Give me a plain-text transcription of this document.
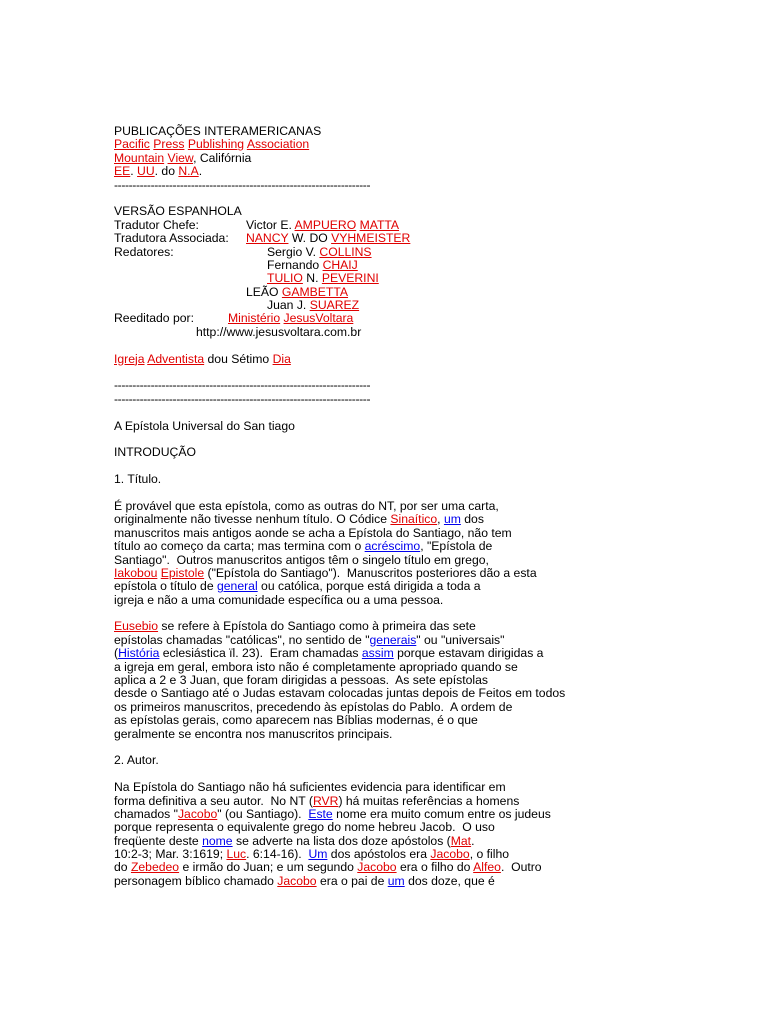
PUBLICAÇÕES INTERAMERICANAS
Pacific Press Publishing Association
Mountain View, Califórnia
EE. UU. do N.A.
----------------------------------------------------------------------
VERSÃO ESPANHOLA
Tradutor Chefe:	Victor E. AMPUERO MATTA
Tradutora Associada: NANCY W. DO VYHMEISTER
Redatores:	Sergio V. COLLINS
Fernando CHAIJ
TULIO N. PEVERINI
LEÃO GAMBETTA
Juan J. SUAREZ
Reeditado por:	Ministério JesusVoltara
http://www.jesusvoltara.com.br
Igreja Adventista dou Sétimo Dia
----------------------------------------------------------------------
----------------------------------------------------------------------
A Epístola Universal do San tiago
INTRODUÇÃO
1. Título.
É provável que esta epístola, como as outras do NT, por ser uma carta,
originalmente não tivesse nenhum título. O Códice Sinaítico, um dos
manuscritos mais antigos aonde se acha a Epístola do Santiago, não tem
título ao começo da carta; mas termina com o acréscimo, "Epístola de
Santiago".  Outros manuscritos antigos têm o singelo título em grego,
Iakobou Epistole ("Epístola do Santiago").  Manuscritos posteriores dão a esta
epístola o título de general ou católica, porque está dirigida a toda a
igreja e não a uma comunidade específica ou a uma pessoa.
Eusebio se refere à Epístola do Santiago como à primeira das sete
epístolas chamadas "católicas", no sentido de "generais" ou "universais"
(História eclesiástica ïl. 23).  Eram chamadas assim porque estavam dirigidas a
a igreja em geral, embora isto não é completamente apropriado quando se
aplica a 2 e 3 Juan, que foram dirigidas a pessoas.  As sete epístolas
desde o Santiago até o Judas estavam colocadas juntas depois de Feitos em todos
os primeiros manuscritos, precedendo às epístolas do Pablo.  A ordem de
as epístolas gerais, como aparecem nas Bíblias modernas, é o que
geralmente se encontra nos manuscritos principais.
2. Autor.
Na Epístola do Santiago não há suficientes evidencia para identificar em
forma definitiva a seu autor.  No NT (RVR) há muitas referências a homens
chamados "Jacobo" (ou Santiago).  Este nome era muito comum entre os judeus
porque representa o equivalente grego do nome hebreu Jacob.  O uso
freqüente deste nome se adverte na lista dos doze apóstolos (Mat.
10:2-3; Mar. 3:1619; Luc. 6:14-16).  Um dos apóstolos era Jacobo, o filho
do Zebedeo e irmão do Juan; e um segundo Jacobo era o filho do Alfeo.  Outro
personagem bíblico chamado Jacobo era o pai de um dos doze, que é
